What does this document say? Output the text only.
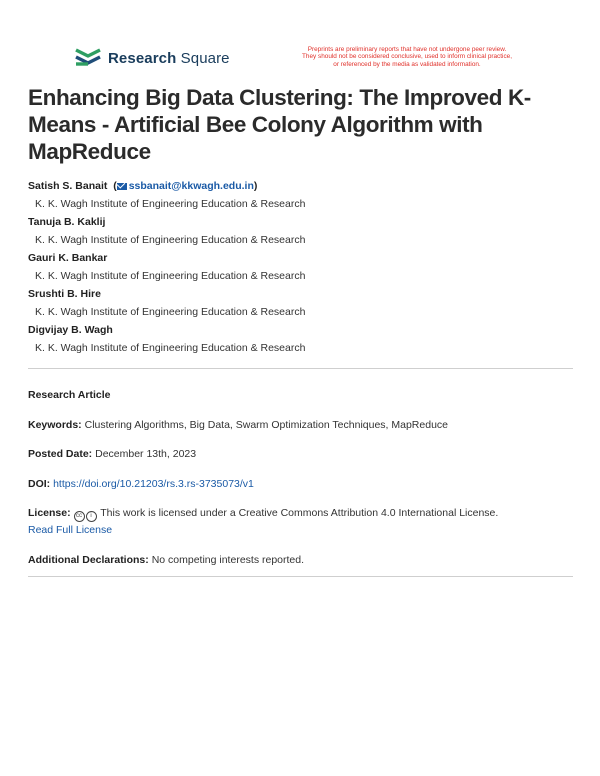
Research Square	Preprints are preliminary reports that have not undergone peer review.
They should not be considered conclusive, used to inform clinical practice,
or referenced by the media as validated information.
Enhancing Big Data Clustering: The Improved K-Means - Artificial Bee Colony Algorithm with MapReduce
Satish S. Banait  ( ssbanait@kkwagh.edu.in)
K. K. Wagh Institute of Engineering Education & Research
Tanuja B. Kaklij
K. K. Wagh Institute of Engineering Education & Research
Gauri K. Bankar
K. K. Wagh Institute of Engineering Education & Research
Srushti B. Hire
K. K. Wagh Institute of Engineering Education & Research
Digvijay B. Wagh
K. K. Wagh Institute of Engineering Education & Research
Research Article
Keywords: Clustering Algorithms, Big Data, Swarm Optimization Techniques, MapReduce
Posted Date: December 13th, 2023
DOI: https://doi.org/10.21203/rs.3.rs-3735073/v1
License: cc i This work is licensed under a Creative Commons Attribution 4.0 International License.
Read Full License
Additional Declarations: No competing interests reported.
